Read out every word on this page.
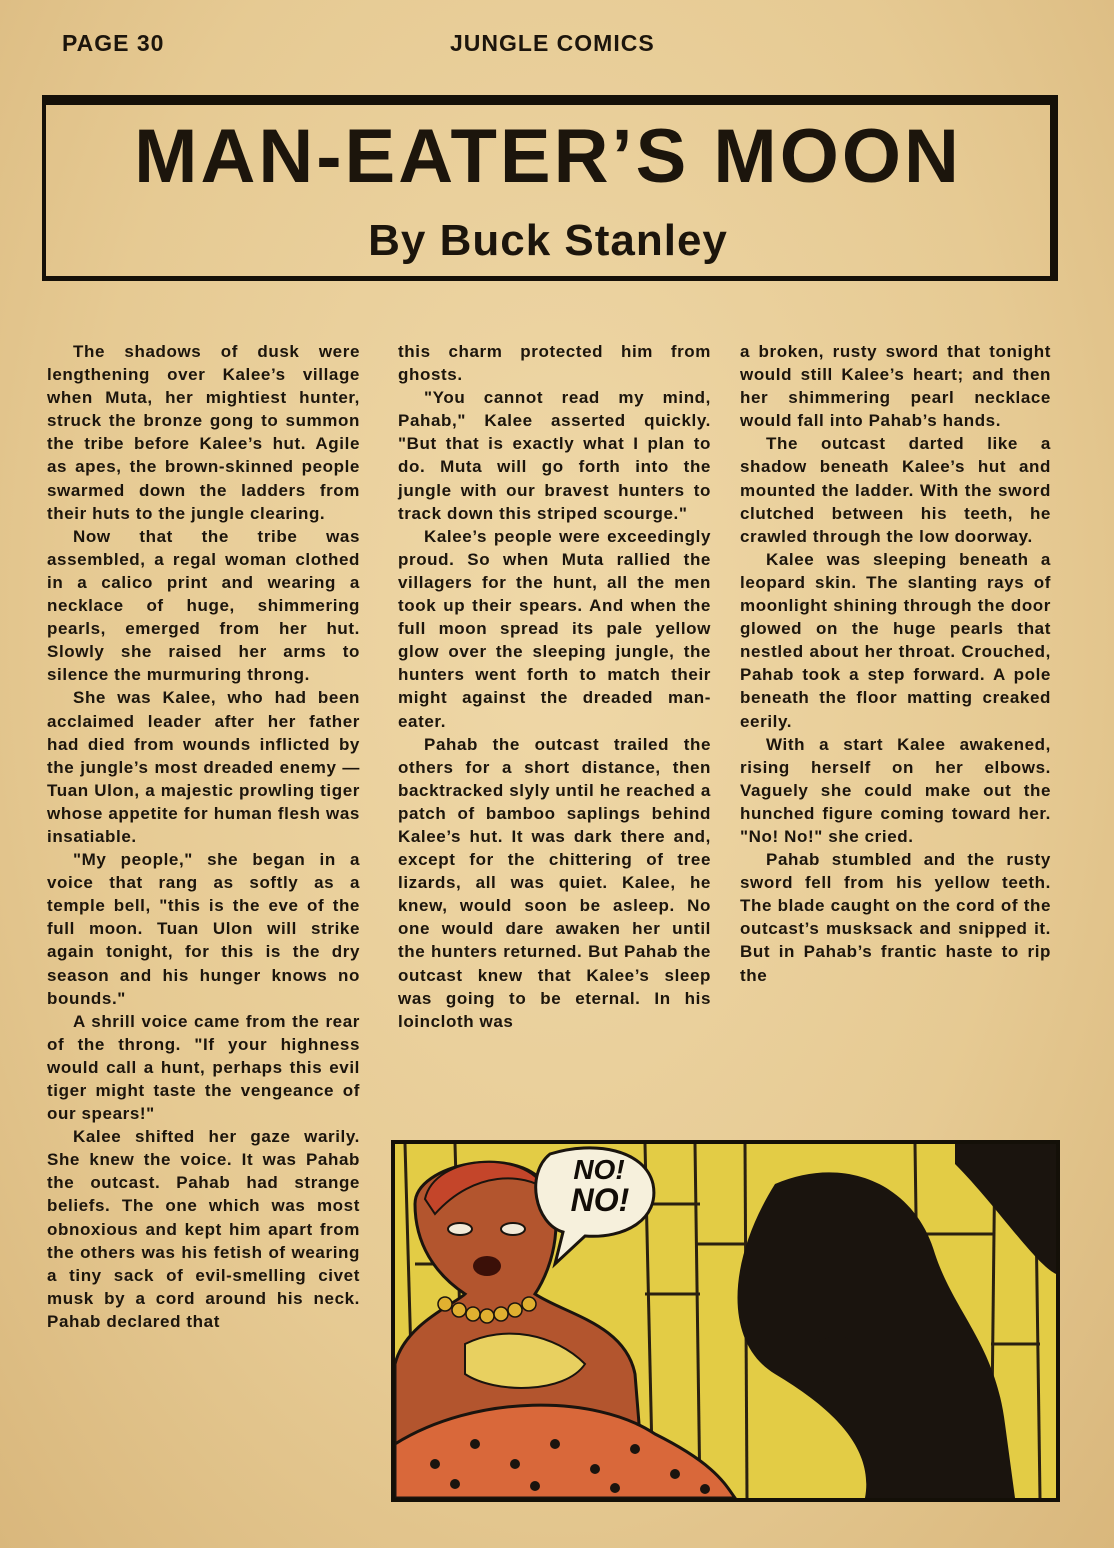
PAGE 30	JUNGLE COMICS
MAN-EATER’S MOON
By Buck Stanley

The shadows of dusk were lengthening over Kalee’s village when Muta, her mightiest hunter, struck the bronze gong to summon the tribe before Kalee’s hut. Agile as apes, the brown-skinned people swarmed down the ladders from their huts to the jungle clearing.

Now that the tribe was assembled, a regal woman clothed in a calico print and wearing a necklace of huge, shimmering pearls, emerged from her hut. Slowly she raised her arms to silence the murmuring throng.

She was Kalee, who had been acclaimed leader after her father had died from wounds inflicted by the jungle’s most dreaded enemy — Tuan Ulon, a majestic prowling tiger whose appetite for human flesh was insatiable.

"My people," she began in a voice that rang as softly as a temple bell, "this is the eve of the full moon. Tuan Ulon will strike again tonight, for this is the dry season and his hunger knows no bounds."

A shrill voice came from the rear of the throng. "If your highness would call a hunt, perhaps this evil tiger might taste the vengeance of our spears!"

Kalee shifted her gaze warily. She knew the voice. It was Pahab the outcast. Pahab had strange beliefs. The one which was most obnoxious and kept him apart from the others was his fetish of wearing a tiny sack of evil-smelling civet musk by a cord around his neck. Pahab declared that

this charm protected him from ghosts.

"You cannot read my mind, Pahab," Kalee asserted quickly. "But that is exactly what I plan to do. Muta will go forth into the jungle with our bravest hunters to track down this striped scourge."

Kalee’s people were exceedingly proud. So when Muta rallied the villagers for the hunt, all the men took up their spears. And when the full moon spread its pale yellow glow over the sleeping jungle, the hunters went forth to match their might against the dreaded man-eater.

Pahab the outcast trailed the others for a short distance, then backtracked slyly until he reached a patch of bamboo saplings behind Kalee’s hut. It was dark there and, except for the chittering of tree lizards, all was quiet. Kalee, he knew, would soon be asleep. No one would dare awaken her until the hunters returned. But Pahab the outcast knew that Kalee’s sleep was going to be eternal. In his loincloth was

a broken, rusty sword that tonight would still Kalee’s heart; and then her shimmering pearl necklace would fall into Pahab’s hands.

The outcast darted like a shadow beneath Kalee’s hut and mounted the ladder. With the sword clutched between his teeth, he crawled through the low doorway.

Kalee was sleeping beneath a leopard skin. The slanting rays of moonlight shining through the door glowed on the huge pearls that nestled about her throat. Crouched, Pahab took a step forward. A pole beneath the floor matting creaked eerily.

With a start Kalee awakened, rising herself on her elbows. Vaguely she could make out the hunched figure coming toward her. "No! No!" she cried.

Pahab stumbled and the rusty sword fell from his yellow teeth. The blade caught on the cord of the outcast’s musksack and snipped it. But in Pahab’s frantic haste to rip the

NO!
NO!
